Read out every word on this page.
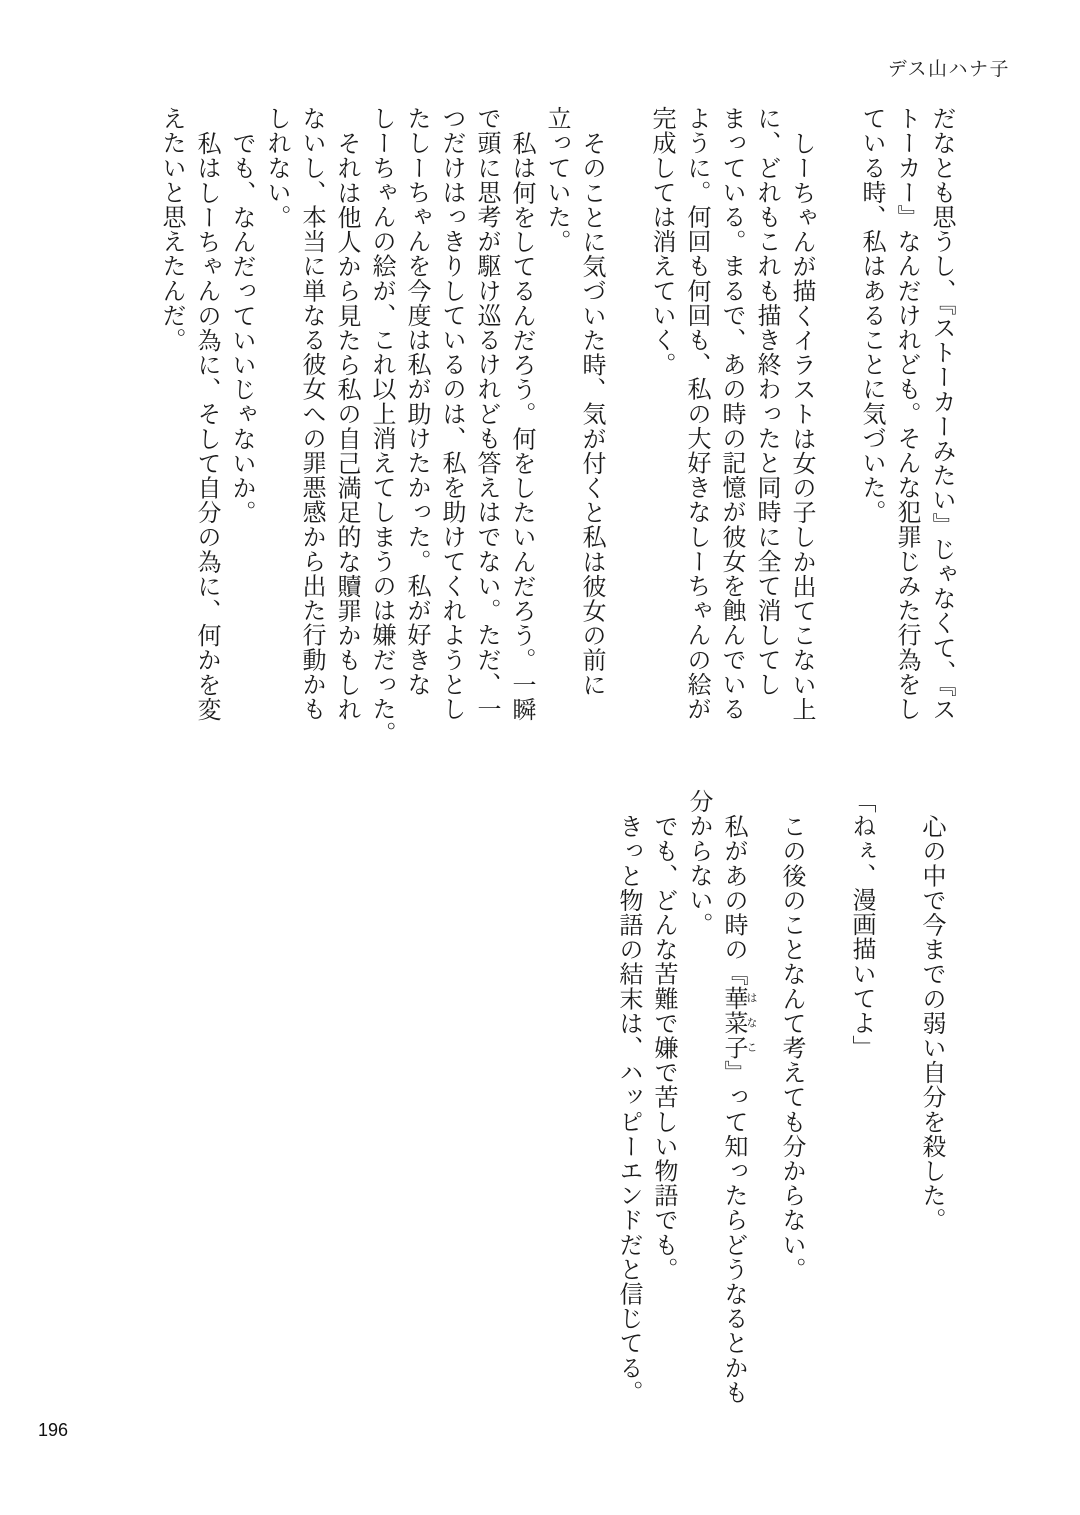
デス山ハナ子
だなとも思うし、『ストーカーみたい』じゃなくて、『ス
トーカー』なんだけれども。そんな犯罪じみた行為をし
ている時、私はあることに気づいた。
しーちゃんが描くイラストは女の子しか出てこない上
に、どれもこれも描き終わったと同時に全て消してし
まっている。まるで、あの時の記憶が彼女を蝕んでいる
ように。何回も何回も、私の大好きなしーちゃんの絵が
完成しては消えていく。
そのことに気づいた時、気が付くと私は彼女の前に
立っていた。
私は何をしてるんだろう。何をしたいんだろう。一瞬
で頭に思考が駆け巡るけれども答えはでない。ただ、一
つだけはっきりしているのは、私を助けてくれようとし
たしーちゃんを今度は私が助けたかった。私が好きな
しーちゃんの絵が、これ以上消えてしまうのは嫌だった。
それは他人から見たら私の自己満足的な贖罪かもしれ
ないし、本当に単なる彼女への罪悪感から出た行動かも
しれない。
でも、なんだっていいじゃないか。
私はしーちゃんの為に、そして自分の為に、何かを変
えたいと思えたんだ。
心の中で今までの弱い自分を殺した。
「ねぇ、漫画描いてよ」
この後のことなんて考えても分からない。
私があの時の『華菜子 はなこ』って知ったらどうなるとかも
分からない。
でも、どんな苦難で嫌で苦しい物語でも。
きっと物語の結末は、ハッピーエンドだと信じてる。
196
